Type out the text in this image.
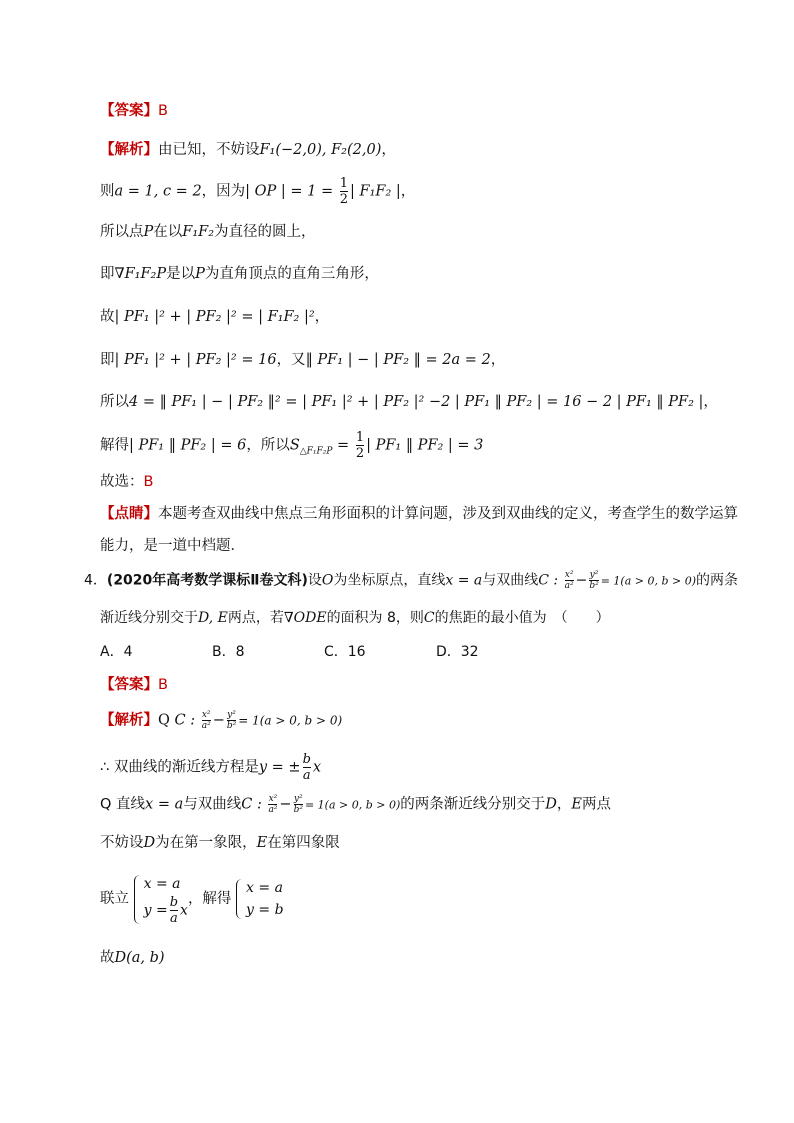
【答案】B
【解析】由已知，不妨设F₁(−2,0), F₂(2,0)，
则a = 1, c = 2，因为| OP | = $1 = \frac{1}{2}$ | F₁F₂ |，
所以点P在以F₁F₂为直径的圆上，
即∇F₁F₂P是以P为直角顶点的直角三角形，
故| PF₁ |² + | PF₂ |² = | F₁F₂ |²，
即| PF₁ |² + | PF₂ |² = 16，又‖ PF₁ | − | PF₂ ‖ = 2a = 2，
所以4 = ‖ PF₁ | − | PF₂ ‖² = | PF₁ |² + | PF₂ |² −2 | PF₁ ‖ PF₂ | = 16 − 2 | PF₁ ‖ PF₂ |，
解得| PF₁ ‖ PF₂ | = 6，所以$S_{\triangle F_1F_2P} = \frac{1}{2}$ | PF₁ ‖ PF₂ | = 3
故选：B
【点睛】本题考查双曲线中焦点三角形面积的计算问题，涉及到双曲线的定义，考查学生的数学运算
能力，是一道中档题．
4．(2020年高考数学课标Ⅱ卷文科)设O为坐标原点，直线x = a与双曲线C : $\frac{\text{x²}}{\text{a²}} - \frac{\text{y²}}{\text{b²}} = 1(a > 0$, b > 0)的两条
渐近线分别交于D, E两点，若∇ODE的面积为 8，则C的焦距的最小值为　（　　）
A．4	B．8	C．16	D．32
【答案】B
【解析】Q C : $\frac{\text{x²}}{\text{a²}} - \frac{\text{y²}}{\text{b²}} = 1(a > 0$, b > 0)
∴ 双曲线的渐近线方程是y = ± $\frac{b}{a}$ x
Q 直线x = a与双曲线C : $\frac{\text{x²}}{\text{a²}} - \frac{\text{y²}}{\text{b²}} = 1(a > 0$, b > 0)的两条渐近线分别交于D，E两点
不妨设D为在第一象限，E在第四象限
联立
x = a
$y = \frac{b}{a}$ x
，解得
x = a
y = b
故D(a, b)
